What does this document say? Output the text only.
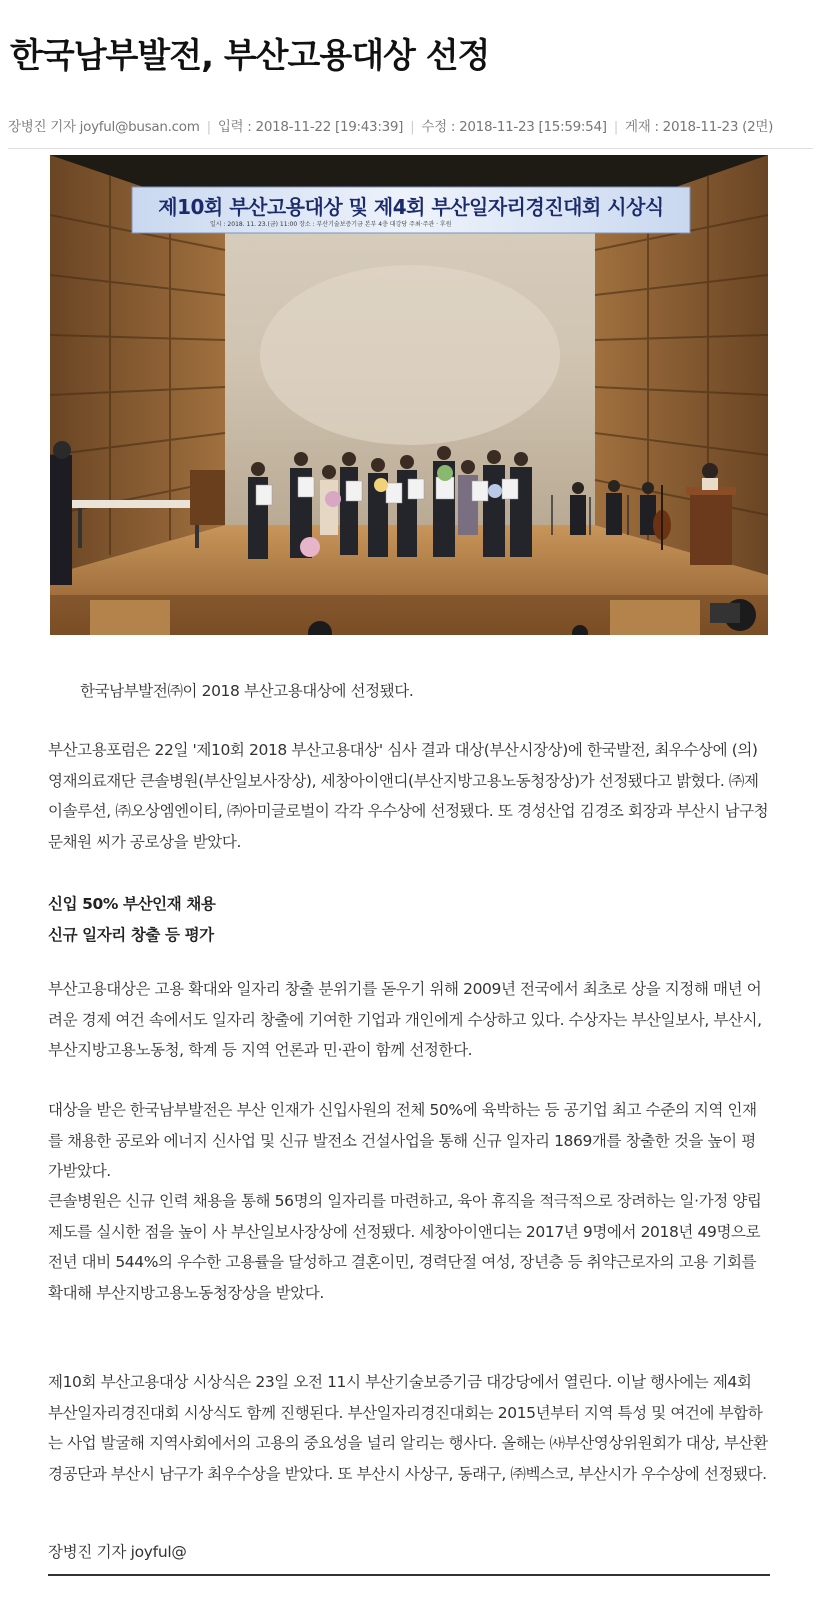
한국남부발전, 부산고용대상 선정
장병진 기자 joyful@busan.com | 입력 : 2018-11-22 [19:43:39] | 수정 : 2018-11-23 [15:59:54] | 게재 : 2018-11-23 (2면)
제10회 부산고용대상 및 제4회 부산일자리경진대회 시상식
일시 : 2018. 11. 23.(금) 11:00 장소 : 부산기술보증기금 본부 4층 대강당 주최·주관 · 후원

한국남부발전㈜이 2018 부산고용대상에 선정됐다.

부산고용포럼은 22일 '제10회 2018 부산고용대상' 심사 결과 대상(부산시장상)에 한국발전, 최우수상에 (의)영재의료재단 큰솔병원(부산일보사장상), 세창아이앤디(부산지방고용노동청장상)가 선정됐다고 밝혔다. ㈜제이솔루션, ㈜오상엠엔이티, ㈜아미글로벌이 각각 우수상에 선정됐다. 또 경성산업 김경조 회장과 부산시 남구청 문채원 씨가 공로상을 받았다.

신입 50% 부산인재 채용

신규 일자리 창출 등 평가

부산고용대상은 고용 확대와 일자리 창출 분위기를 돋우기 위해 2009년 전국에서 최초로 상을 지정해 매년 어려운 경제 여건 속에서도 일자리 창출에 기여한 기업과 개인에게 수상하고 있다. 수상자는 부산일보사, 부산시, 부산지방고용노동청, 학계 등 지역 언론과 민·관이 함께 선정한다.

대상을 받은 한국남부발전은 부산 인재가 신입사원의 전체 50%에 육박하는 등 공기업 최고 수준의 지역 인재를 채용한 공로와 에너지 신사업 및 신규 발전소 건설사업을 통해 신규 일자리 1869개를 창출한 것을 높이 평가받았다.

큰솔병원은 신규 인력 채용을 통해 56명의 일자리를 마련하고, 육아 휴직을 적극적으로 장려하는 일·가정 양립제도를 실시한 점을 높이 사 부산일보사장상에 선정됐다. 세창아이앤디는 2017년 9명에서 2018년 49명으로 전년 대비 544%의 우수한 고용률을 달성하고 결혼이민, 경력단절 여성, 장년층 등 취약근로자의 고용 기회를 확대해 부산지방고용노동청장상을 받았다.

제10회 부산고용대상 시상식은 23일 오전 11시 부산기술보증기금 대강당에서 열린다. 이날 행사에는 제4회 부산일자리경진대회 시상식도 함께 진행된다. 부산일자리경진대회는 2015년부터 지역 특성 및 여건에 부합하는 사업 발굴해 지역사회에서의 고용의 중요성을 널리 알리는 행사다. 올해는 ㈔부산영상위원회가 대상, 부산환경공단과 부산시 남구가 최우수상을 받았다. 또 부산시 사상구, 동래구, ㈜벡스코, 부산시가 우수상에 선정됐다.

장병진 기자 joyful@
